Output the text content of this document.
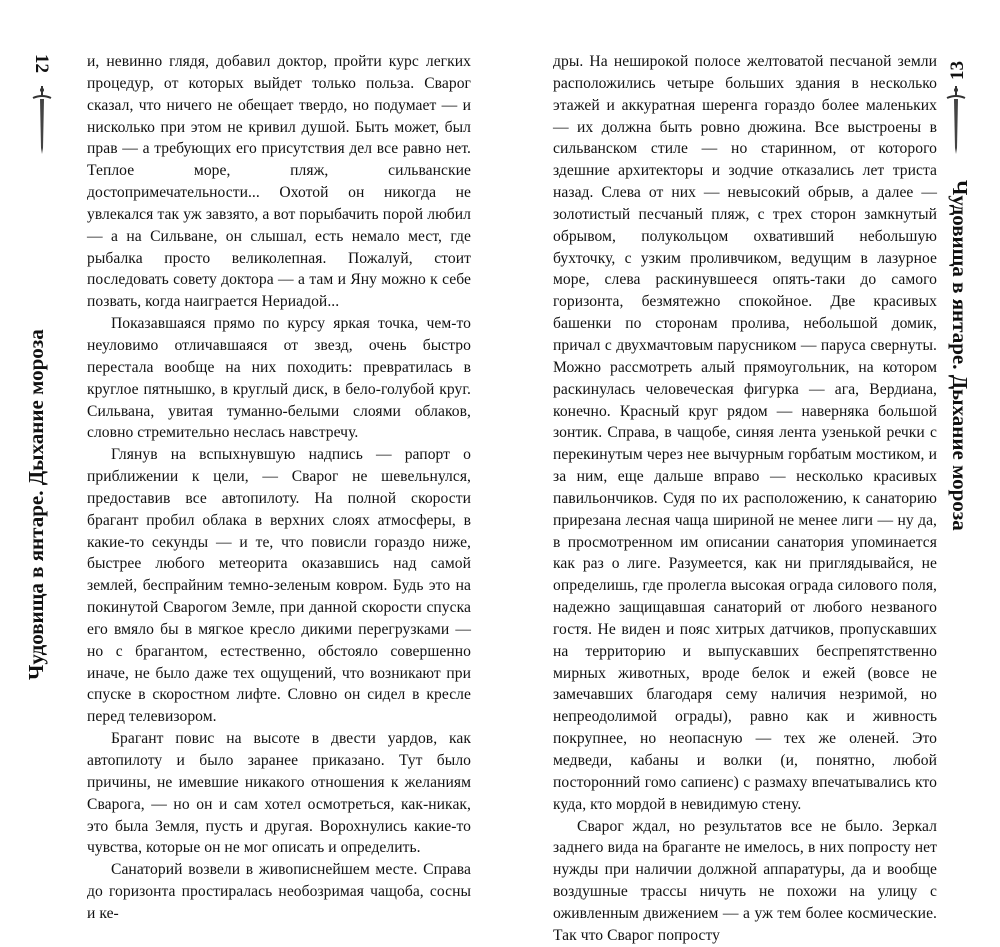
12
Чудовища в янтаре. Дыхание мороза

и, невинно гляд﻿я, добавил доктор, пройти курс легких процедур, от которых выйдет только польза. Сварог сказал, что ничего не обещает твердо, но подумает — и нисколько при этом не кривил душой. Быть может, был прав — а требующих его присутствия дел все равно нет. Теплое море, пляж, сильванские достопримечательности... Охотой он никогда не увлекался так уж завзято, а вот порыбачить порой любил — а на Сильване, он слышал, есть немало мест, где рыбалка просто великолепная. Пожалуй, стоит последовать совету доктора — а там и Яну можно к себе позвать, когда наиграется Нериадой...

Показавшаяся прямо по курсу яркая точка, чем-то неуловимо отличавшаяся от звезд, очень быстро перестала вообще на них походить: превратилась в круглое пятнышко, в круглый диск, в бело-голубой круг. Сильвана, увитая туманно-белыми слоями облаков, словно стремительно неслась навстречу.

Глянув на вспыхнувшую надпись — рапорт о приближении к цели, — Сварог не шевельнулся, предоставив все автопилоту. На полной скорости брагант пробил облака в верхних слоях атмосферы, в какие-то секунды — и те, что повисли гораздо ниже, быстрее любого метеорита оказавшись над самой землей, беспрайним темно-зеленым ковром. Будь это на покинутой Сварогом Земле, при данной скорости спуска его вмяло бы в мягкое кресло дикими перегрузками — но с брагантом, естественно, обстояло совершенно иначе, не было даже тех ощущений, что возникают при спуске в скоростном лифте. Словно он сидел в кресле перед телевизором.

Брагант повис на высоте в двести уардов, как автопилоту и было заранее приказано. Тут было причины, не имевшие никакого отношения к желаниям Сварога, — но он и сам хотел осмотреться, как-никак, это была Земля, пусть и другая. Ворохнулись какие-то чувства, которые он не мог описать и определить.

Санаторий возвели в живописнейшем месте. Справа до горизонта простиралась необозримая чащоба, сосны и ке-

13
Чудовища в янтаре. Дыхание мороза

дры. На неширокой полосе желтоватой песчаной земли расположились четыре больших здания в несколько этажей и аккуратная шеренга гораздо более маленьких — их должна быть ровно дюжина. Все выстроены в сильванском стиле — но старинном, от которого здешние архитекторы и зодчие отказались лет триста назад. Слева от них — невысокий обрыв, а далее — золотистый песчаный пляж, с трех сторон замкнутый обрывом, полукольцом охвативший небольшую бухточку, с узким проливчиком, ведущим в лазурное море, слева раскинувшееся опять-таки до самого горизонта, безмятежно спокойное. Две красивых башенки по сторонам пролива, небольшой домик, причал с двухмачтовым парусником — паруса свернуты. Можно рассмотреть алый прямоугольник, на котором раскинулась человеческая фигурка — ага, Вердиана, конечно. Красный круг рядом — наверняка большой зонтик. Справа, в чащобе, синяя лента узенькой речки с перекинутым через нее вычурным горбатым мостиком, и за ним, еще дальше вправо — несколько красивых павильончиков. Судя по их расположению, к санаторию прирезана лесная чаща шириной не менее лиги — ну да, в просмотренном им описании санатория упоминается как раз о лиге. Разумеется, как ни приглядывайся, не определишь, где пролегла высокая ограда силового поля, надежно защищавшая санаторий от любого незваного гостя. Не виден и пояс хитрых датчиков, пропускавших на территорию и выпускавших беспрепятственно мирных животных, вроде белок и ежей (вовсе не замечавших благодаря сему наличия незримой, но непреодолимой ограды), равно как и живность покрупнее, но неопасную — тех же оленей. Это медведи, кабаны и волки (и, понятно, любой посторонний гомо сапиенс) с размаху впечатывались кто куда, кто мордой в невидимую стену.

Сварог ждал, но результатов все не было. Зеркал заднего вида на браганте не имелось, в них попросту нет нужды при наличии должной аппаратуры, да и вообще воздушные трассы ничуть не похожи на улицу с оживленным движением — а уж тем более космические. Так что Сварог попросту
